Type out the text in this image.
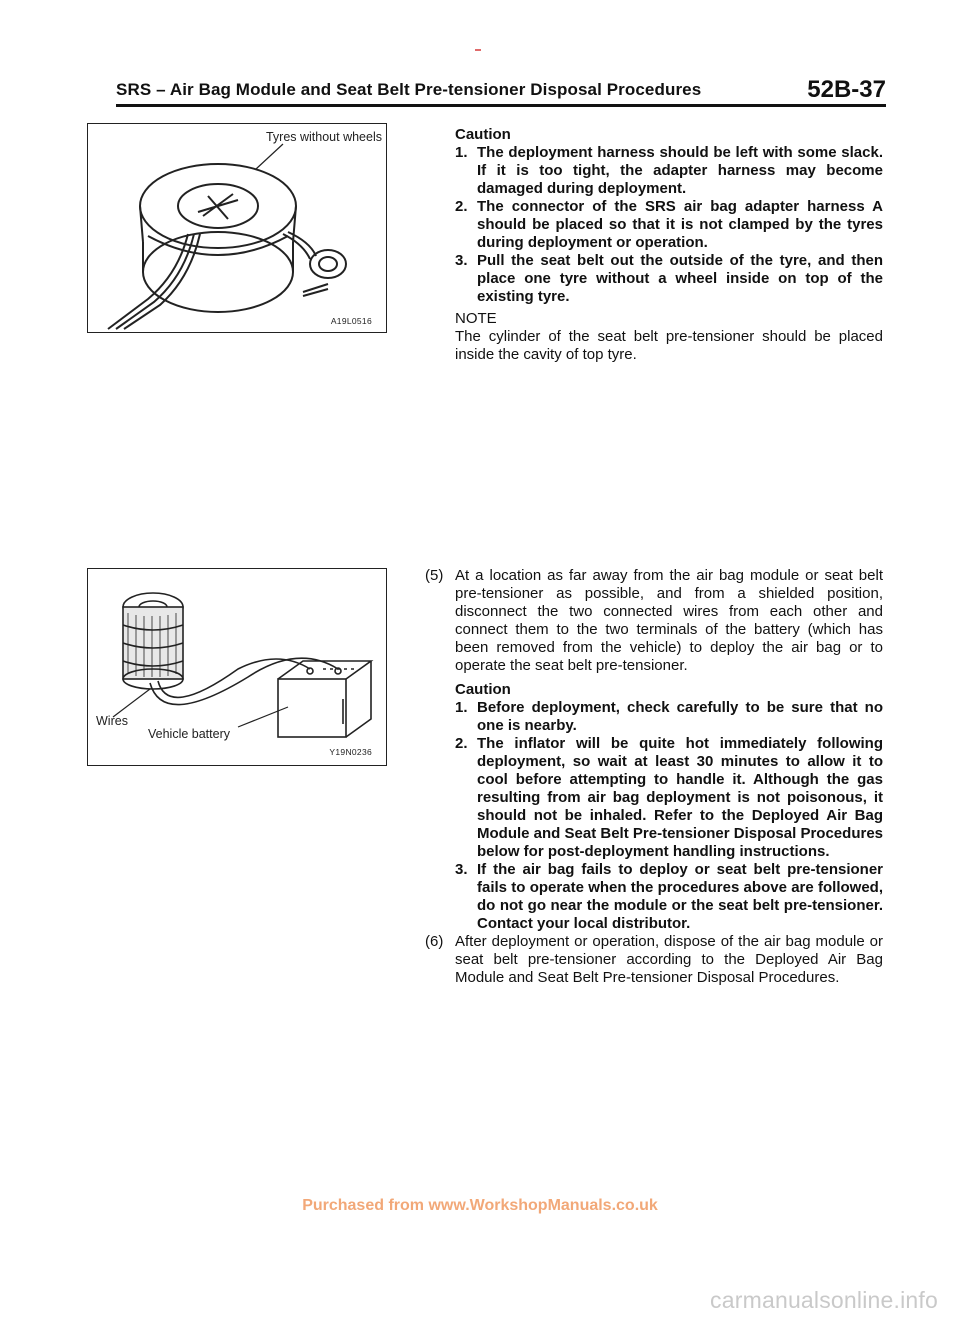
SRS – Air Bag Module and Seat Belt Pre-tensioner Disposal Procedures	52B-37
Tyres without wheels
A19L0516
Wires
Vehicle battery
Y19N0236
Caution
1. The deployment harness should be left with some slack. If it is too tight, the adapter harness may become damaged during deployment.
2. The connector of the SRS air bag adapter harness A should be placed so that it is not clamped by the tyres during deployment or operation.
3. Pull the seat belt out the outside of the tyre, and then place one tyre without a wheel inside on top of the existing tyre.
NOTE
The cylinder of the seat belt pre-tensioner should be placed inside the cavity of top tyre.
(5) At a location as far away from the air bag module or seat belt pre-tensioner as possible, and from a shielded position, disconnect the two connected wires from each other and connect them to the two terminals of the battery (which has been removed from the vehicle) to deploy the air bag or to operate the seat belt pre-tensioner.
Caution
1. Before deployment, check carefully to be sure that no one is nearby.
2. The inflator will be quite hot immediately following deployment, so wait at least 30 minutes to allow it to cool before attempting to handle it. Although the gas resulting from air bag deployment is not poisonous, it should not be inhaled. Refer to the Deployed Air Bag Module and Seat Belt Pre-tensioner Disposal Procedures below for post-deployment handling instructions.
3. If the air bag fails to deploy or seat belt pre-tensioner fails to operate when the procedures above are followed, do not go near the module or the seat belt pre-tensioner. Contact your local distributor.
(6) After deployment or operation, dispose of the air bag module or seat belt pre-tensioner according to the Deployed Air Bag Module and Seat Belt Pre-tensioner Disposal Procedures.
Purchased from www.WorkshopManuals.co.uk
carmanualsonline.info
